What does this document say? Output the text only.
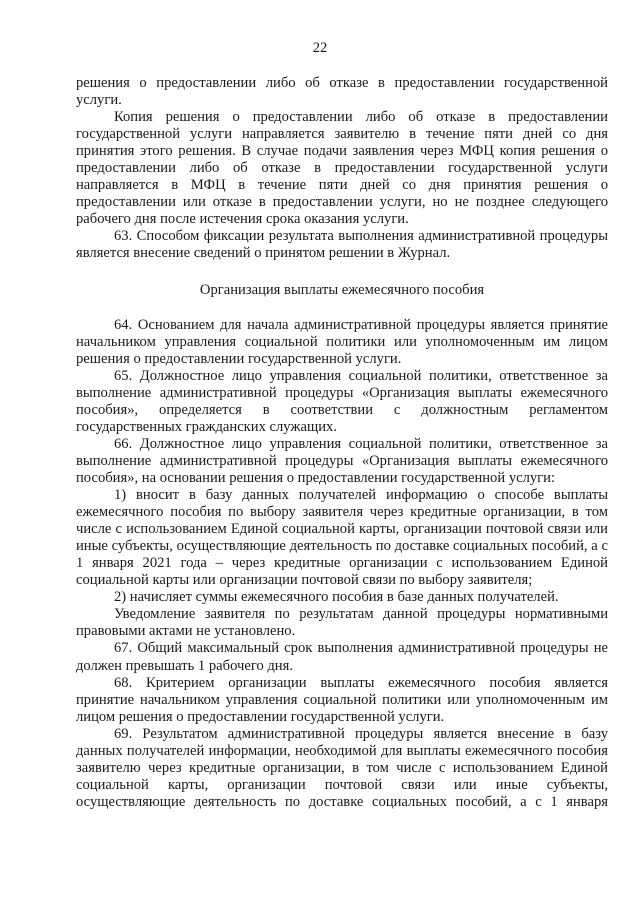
22

решения о предоставлении либо об отказе в предоставлении государственной услуги.

Копия решения о предоставлении либо об отказе в предоставлении государственной услуги направляется заявителю в течение пяти дней со дня принятия этого решения. В случае подачи заявления через МФЦ копия решения о предоставлении либо об отказе в предоставлении государственной услуги направляется в МФЦ в течение пяти дней со дня принятия решения о предоставлении или отказе в предоставлении услуги, но не позднее следующего рабочего дня после истечения срока оказания услуги.

63. Способом фиксации результата выполнения административной процедуры является внесение сведений о принятом решении в Журнал.

Организация выплаты ежемесячного пособия

64. Основанием для начала административной процедуры является принятие начальником управления социальной политики или уполномоченным им лицом решения о предоставлении государственной услуги.

65. Должностное лицо управления социальной политики, ответственное за выполнение административной процедуры «Организация выплаты ежемесячного пособия», определяется в соответствии с должностным регламентом государственных гражданских служащих.

66. Должностное лицо управления социальной политики, ответственное за выполнение административной процедуры «Организация выплаты ежемесячного пособия», на основании решения о предоставлении государственной услуги:

1) вносит в базу данных получателей информацию о способе выплаты ежемесячного пособия по выбору заявителя через кредитные организации, в том числе с использованием Единой социальной карты, организации почтовой связи или иные субъекты, осуществляющие деятельность по доставке социальных пособий, а с 1 января 2021 года – через кредитные организации с использованием Единой социальной карты или организации почтовой связи по выбору заявителя;

2) начисляет суммы ежемесячного пособия в базе данных получателей.

Уведомление заявителя по результатам данной процедуры нормативными правовыми актами не установлено.

67. Общий максимальный срок выполнения административной процедуры не должен превышать 1 рабочего дня.

68. Критерием организации выплаты ежемесячного пособия является принятие начальником управления социальной политики или уполномоченным им лицом решения о предоставлении государственной услуги.

69. Результатом административной процедуры является внесение в базу данных получателей информации, необходимой для выплаты ежемесячного пособия заявителю через кредитные организации, в том числе с использованием Единой социальной карты, организации почтовой связи или иные субъекты, осуществляющие деятельность по доставке социальных пособий, а с 1 января
